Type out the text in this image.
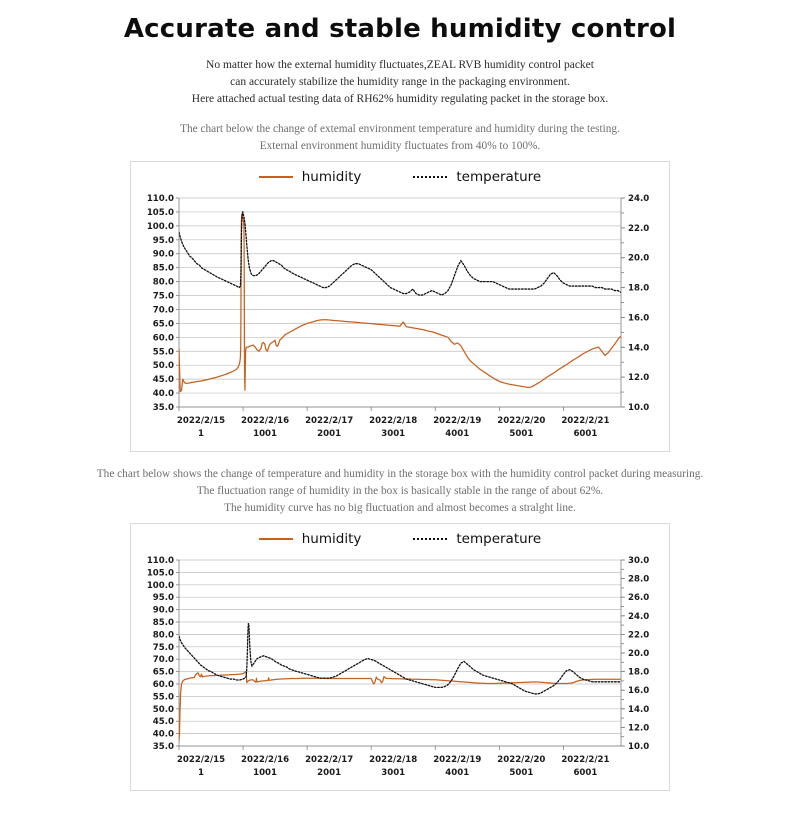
Accurate and stable humidity control
No matter how the external humidity fluctuates,ZEAL RVB humidity control packet
can accurately stabilize the humidity range in the packaging environment.
Here attached actual testing data of RH62% humidity regulating packet in the storage box.
The chart below the change of extemal environment temperature and humidity during the testing.
External environment humidity fluctuates from 40% to 100%.
humidity	temperature
35.0
40.0
45.0
50.0
55.0
60.0
65.0
70.0
75.0
80.0
85.0
90.0
95.0
100.0
105.0
110.0
10.0
12.0
14.0
16.0
18.0
20.0
22.0
24.0
2022/2/15
1
2022/2/16
1001
2022/2/17
2001
2022/2/18
3001
2022/2/19
4001
2022/2/20
5001
2022/2/21
6001
The chart below shows the change of temperature and humidity in the storage box with the humidity control packet during measuring.
The fluctuation range of humidity in the box is basically stable in the range of about 62%.
The humidity curve has no big fluctuation and almost becomes a stralght line.
humidity	temperature
35.0
40.0
45.0
50.0
55.0
60.0
65.0
70.0
75.0
80.0
85.0
90.0
95.0
100.0
105.0
110.0
10.0
12.0
14.0
16.0
18.0
20.0
22.0
24.0
26.0
28.0
30.0
2022/2/15
1
2022/2/16
1001
2022/2/17
2001
2022/2/18
3001
2022/2/19
4001
2022/2/20
5001
2022/2/21
6001
